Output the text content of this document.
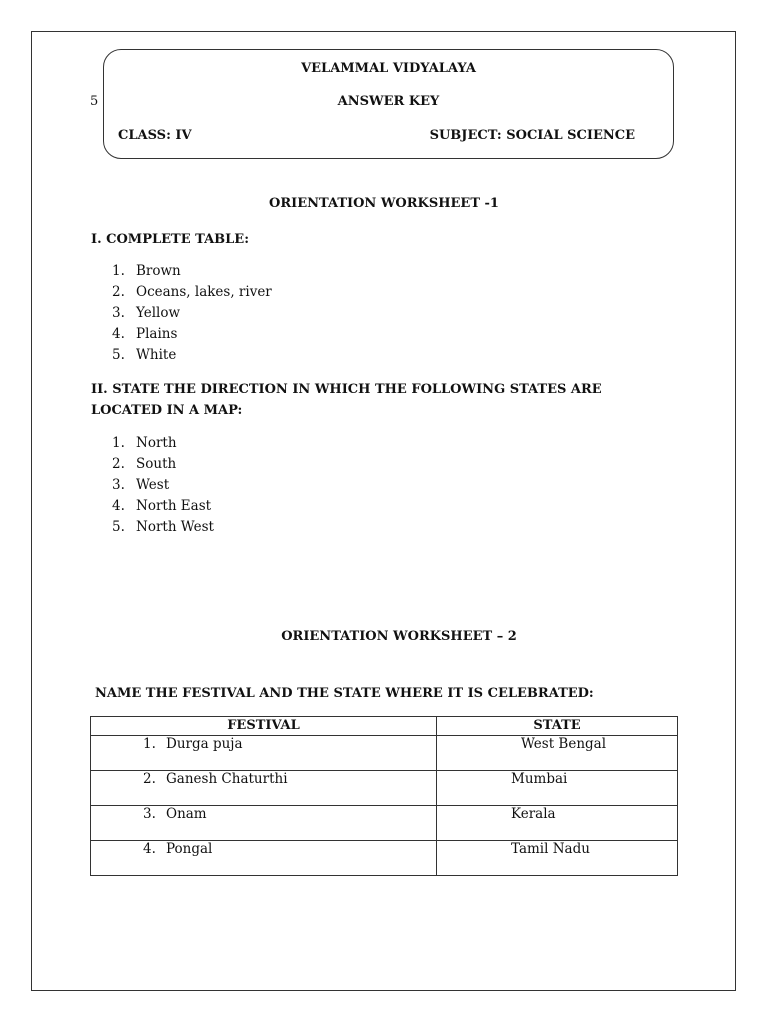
5
VELAMMAL VIDYALAYA
ANSWER KEY
CLASS: IV	SUBJECT: SOCIAL SCIENCE
ORIENTATION WORKSHEET -1
I. COMPLETE TABLE:
1. Brown
2. Oceans, lakes, river
3. Yellow
4. Plains
5. White
II. STATE THE DIRECTION IN WHICH THE FOLLOWING STATES ARE LOCATED IN A MAP:
1. North
2. South
3. West
4. North East
5. North West
ORIENTATION WORKSHEET – 2
NAME THE FESTIVAL AND THE STATE WHERE IT IS CELEBRATED:
FESTIVAL	STATE
1. Durga puja	West Bengal
2. Ganesh Chaturthi	Mumbai
3. Onam	Kerala
4. Pongal	Tamil Nadu
